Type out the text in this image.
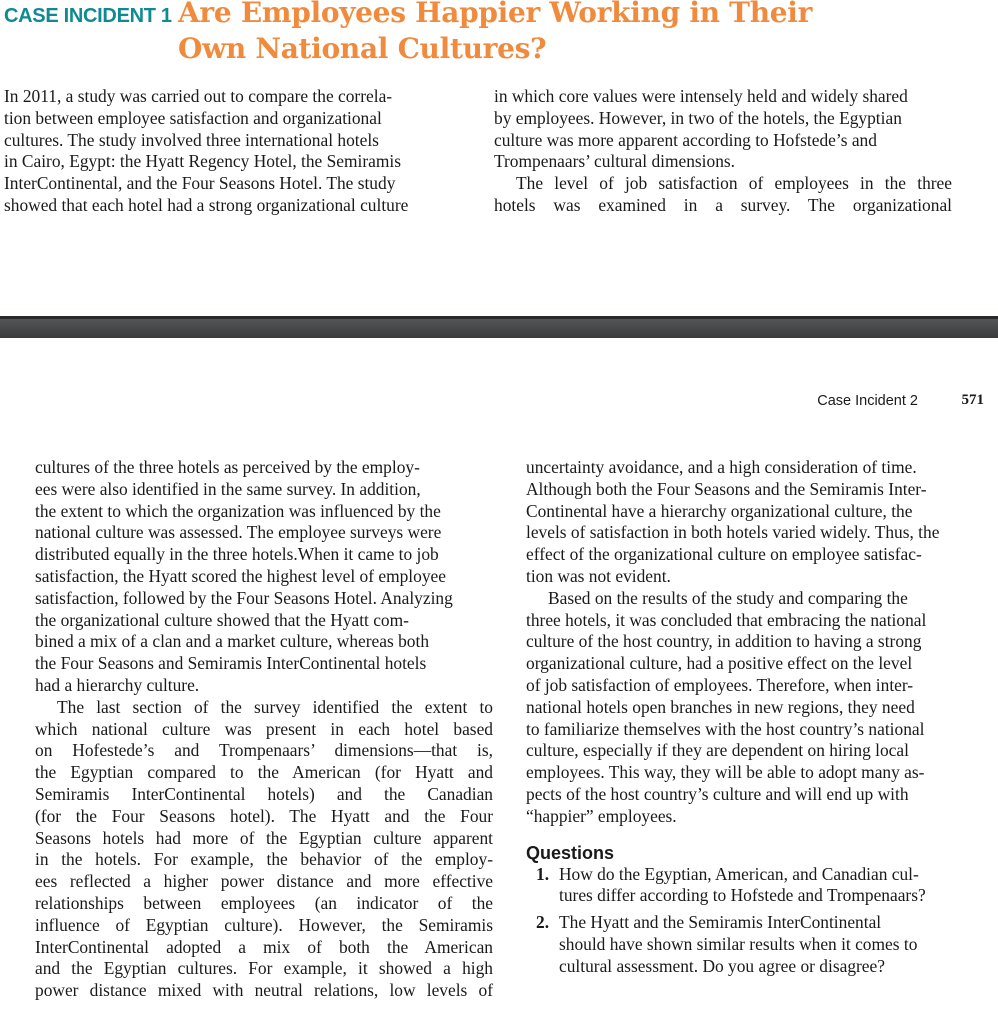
CASE INCIDENT 1 Are Employees Happier Working in Their
Own National Cultures?

In 2011, a study was carried out to compare the correla-
tion between employee satisfaction and organizational
cultures. The study involved three international hotels
in Cairo, Egypt: the Hyatt Regency Hotel, the Semiramis
InterContinental, and the Four Seasons Hotel. The study
showed that each hotel had a strong organizational culture

in which core values were intensely held and widely shared
by employees. However, in two of the hotels, the Egyptian
culture was more apparent according to Hofstede’s and
Trompenaars’ cultural dimensions.

The level of job satisfaction of employees in the three
hotels was examined in a survey. The organizational

Case Incident 2	571

cultures of the three hotels as perceived by the employ-
ees were also identified in the same survey. In addition,
the extent to which the organization was influenced by the
national culture was assessed. The employee surveys were
distributed equally in the three hotels.When it came to job
satisfaction, the Hyatt scored the highest level of employee
satisfaction, followed by the Four Seasons Hotel. Analyzing
the organizational culture showed that the Hyatt com-
bined a mix of a clan and a market culture, whereas both
the Four Seasons and Semiramis InterContinental hotels
had a hierarchy culture.

The last section of the survey identified the extent to
which national culture was present in each hotel based
on Hofestede’s and Trompenaars’ dimensions—that is,
the Egyptian compared to the American (for Hyatt and
Semiramis InterContinental hotels) and the Canadian
(for the Four Seasons hotel). The Hyatt and the Four
Seasons hotels had more of the Egyptian culture apparent
in the hotels. For example, the behavior of the employ-
ees reflected a higher power distance and more effective
relationships between employees (an indicator of the
influence of Egyptian culture). However, the Semiramis
InterContinental adopted a mix of both the American
and the Egyptian cultures. For example, it showed a high
power distance mixed with neutral relations, low levels of

uncertainty avoidance, and a high consideration of time.
Although both the Four Seasons and the Semiramis Inter-
Continental have a hierarchy organizational culture, the
levels of satisfaction in both hotels varied widely. Thus, the
effect of the organizational culture on employee satisfac-
tion was not evident.

Based on the results of the study and comparing the
three hotels, it was concluded that embracing the national
culture of the host country, in addition to having a strong
organizational culture, had a positive effect on the level
of job satisfaction of employees. Therefore, when inter-
national hotels open branches in new regions, they need
to familiarize themselves with the host country’s national
culture, especially if they are dependent on hiring local
employees. This way, they will be able to adopt many as-
pects of the host country’s culture and will end up with
“happier” employees.

Questions

1. How do the Egyptian, American, and Canadian cul-
tures differ according to Hofstede and Trompenaars?

2. The Hyatt and the Semiramis InterContinental
should have shown similar results when it comes to
cultural assessment. Do you agree or disagree?
